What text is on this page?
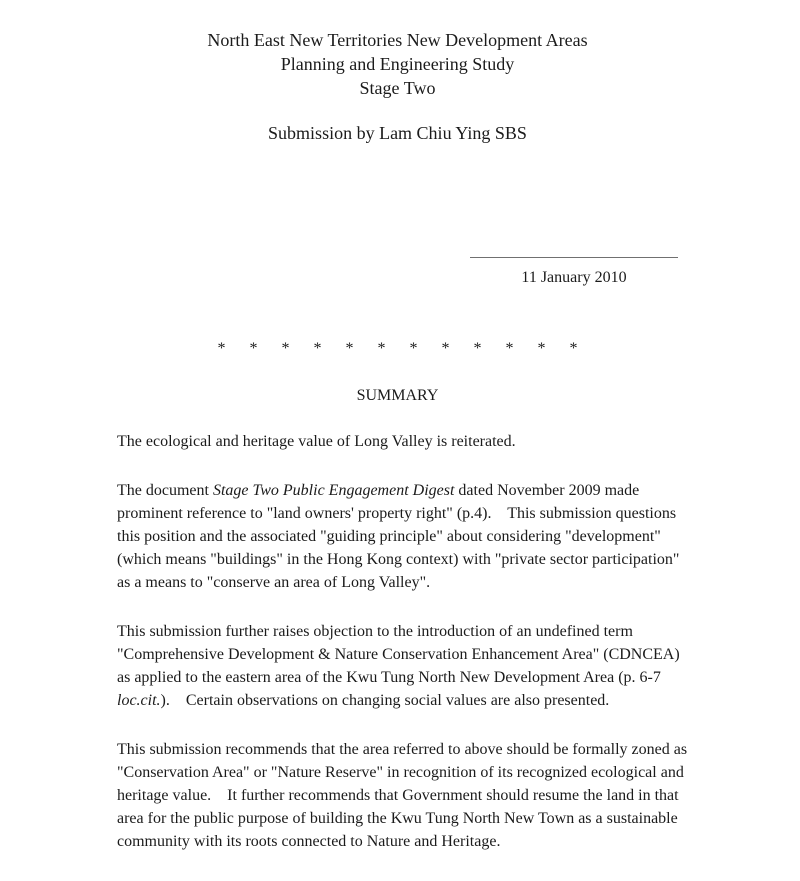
North East New Territories New Development Areas
Planning and Engineering Study
Stage Two
Submission by Lam Chiu Ying SBS
11 January 2010
* * * * * * * * * * * *
SUMMARY
The ecological and heritage value of Long Valley is reiterated.
The document Stage Two Public Engagement Digest dated November 2009 made
prominent reference to "land owners' property right" (p.4).    This submission questions
this position and the associated "guiding principle" about considering "development"
(which means "buildings" in the Hong Kong context) with "private sector participation"
as a means to "conserve an area of Long Valley".
This submission further raises objection to the introduction of an undefined term
"Comprehensive Development & Nature Conservation Enhancement Area" (CDNCEA)
as applied to the eastern area of the Kwu Tung North New Development Area (p. 6-7
loc.cit.).    Certain observations on changing social values are also presented.
This submission recommends that the area referred to above should be formally zoned as
"Conservation Area" or "Nature Reserve" in recognition of its recognized ecological and
heritage value.    It further recommends that Government should resume the land in that
area for the public purpose of building the Kwu Tung North New Town as a sustainable
community with its roots connected to Nature and Heritage.
